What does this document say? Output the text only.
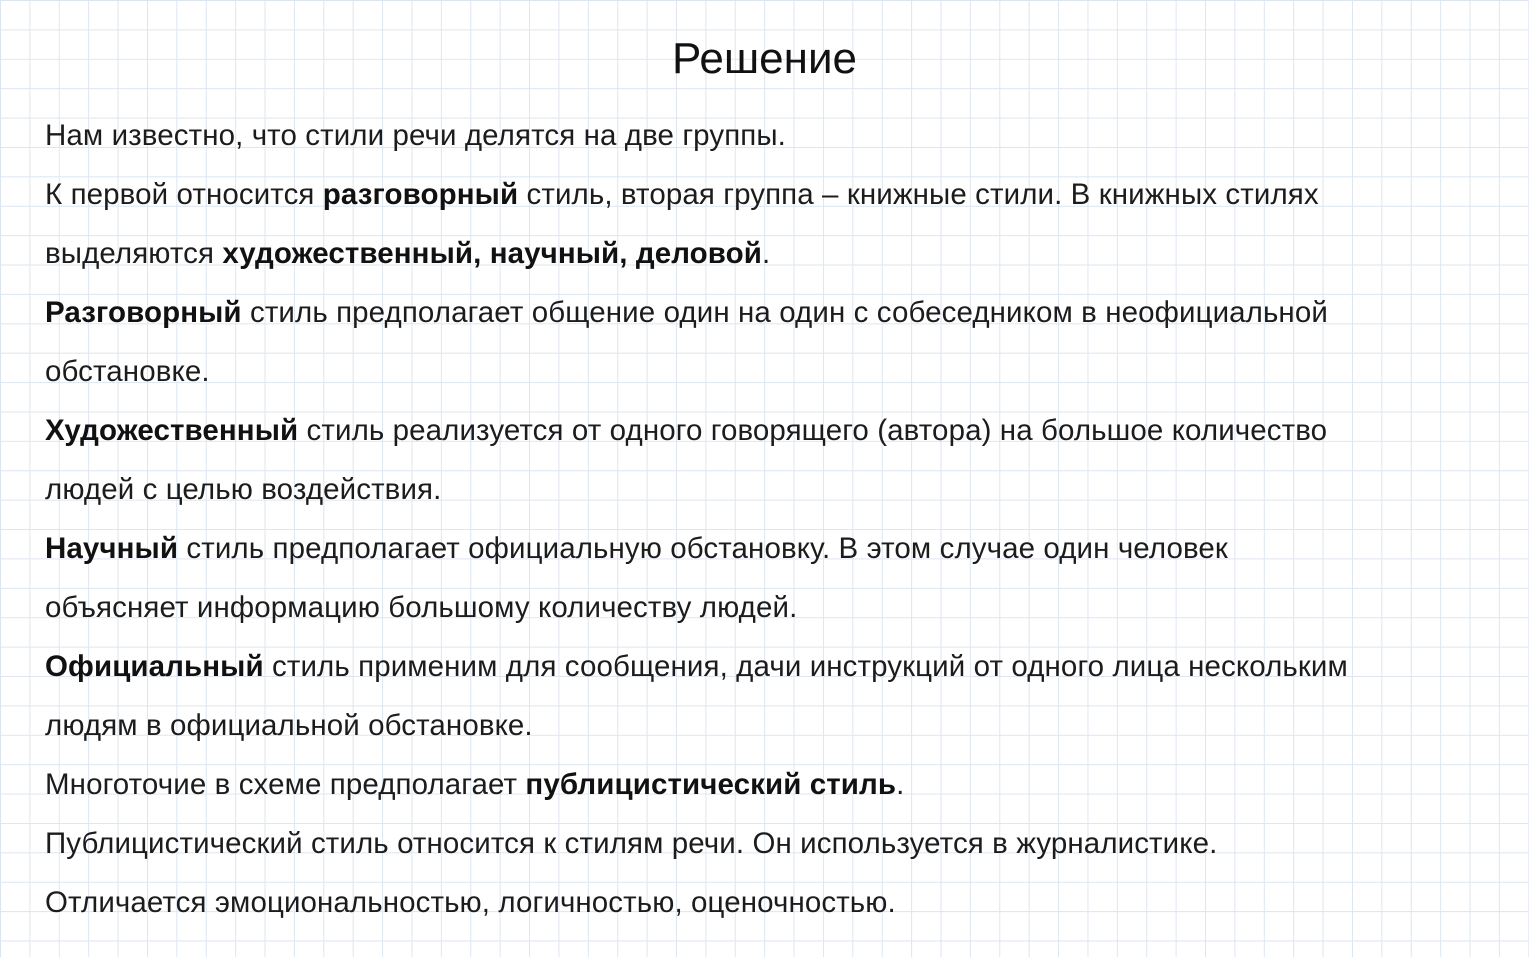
Решение
Нам известно, что стили речи делятся на две группы.
К первой относится разговорный стиль, вторая группа – книжные стили. В книжных стилях
выделяются художественный, научный, деловой.
Разговорный стиль предполагает общение один на один с собеседником в неофициальной
обстановке.
Художественный стиль реализуется от одного говорящего (автора) на большое количество
людей с целью воздействия.
Научный стиль предполагает официальную обстановку. В этом случае один человек
объясняет информацию большому количеству людей.
Официальный стиль применим для сообщения, дачи инструкций от одного лица нескольким
людям в официальной обстановке.
Многоточие в схеме предполагает публицистический стиль.
Публицистический стиль относится к стилям речи. Он используется в журналистике.
Отличается эмоциональностью, логичностью, оценочностью.
